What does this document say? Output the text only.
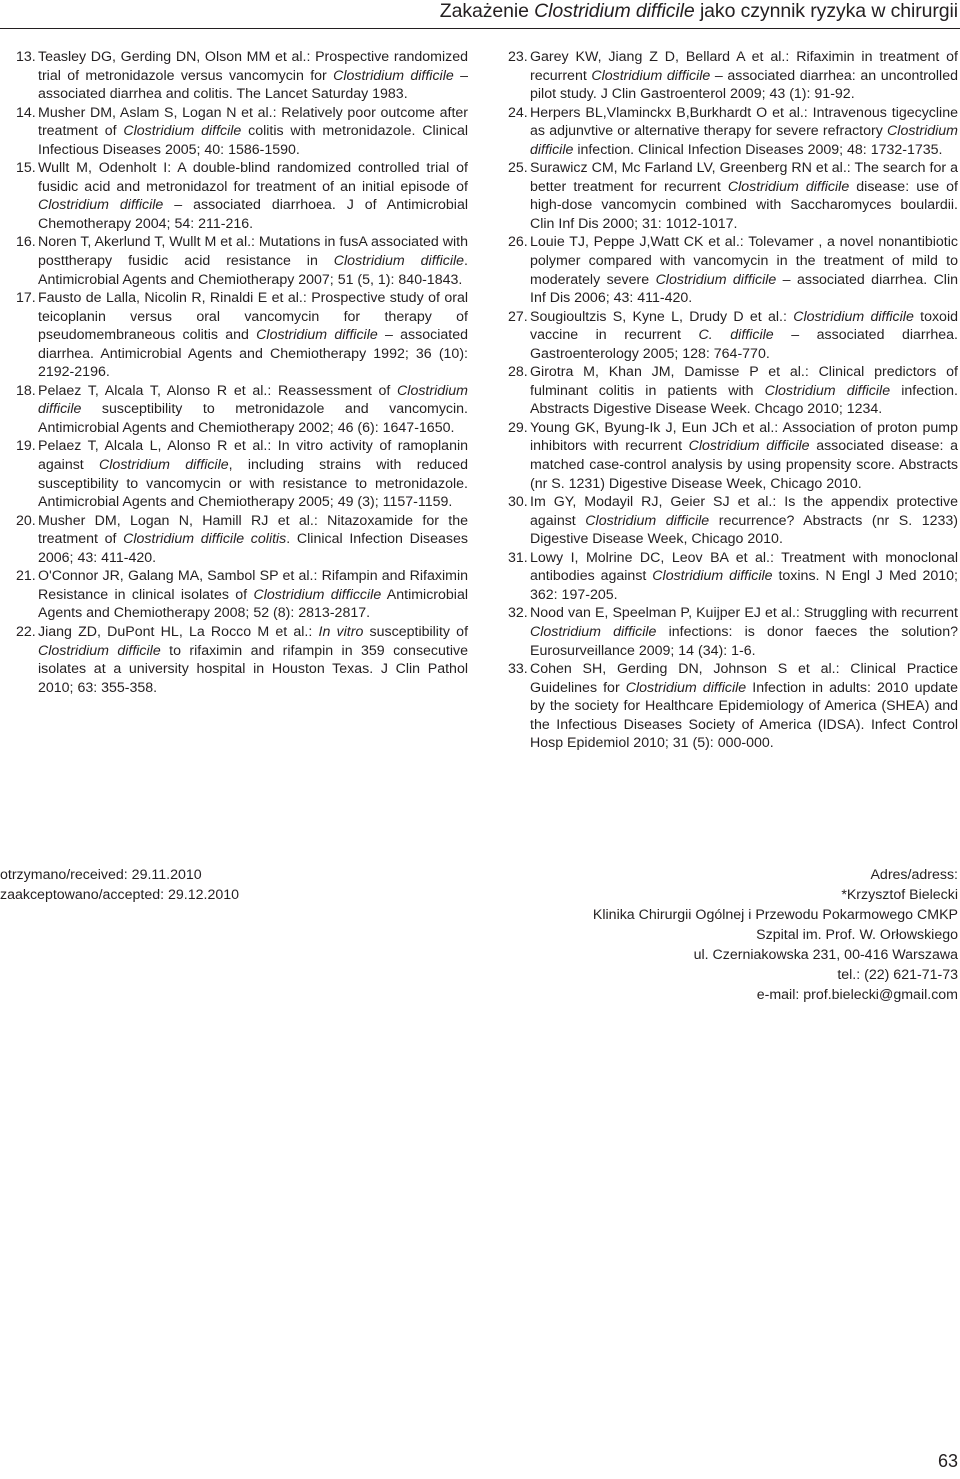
Zakażenie Clostridium difficile jako czynnik ryzyka w chirurgii

13. Teasley DG, Gerding DN, Olson MM et al.: Prospective randomized trial of metronidazole versus vancomycin for Clostridium difficile – associated diarrhea and colitis. The Lancet Saturday 1983.

14. Musher DM, Aslam S, Logan N et al.: Relatively poor outcome after treatment of Clostridium diffcile colitis with metronidazole. Clinical Infectious Diseases 2005; 40: 1586-1590.

15. Wullt M, Odenholt I: A double-blind randomized controlled trial of fusidic acid and metronidazol for treatment of an initial episode of Clostridium difficile – associated diarrhoea. J of Antimicrobial Chemotherapy 2004; 54: 211-216.

16. Noren T, Akerlund T, Wullt M et al.: Mutations in fusA associated with posttherapy fusidic acid resistance in Clostridium difficile. Antimicrobial Agents and Chemiotherapy 2007; 51 (5, 1): 840-1843.

17. Fausto de Lalla, Nicolin R, Rinaldi E et al.: Prospective study of oral teicoplanin versus oral vancomycin for therapy of pseudomembraneous colitis and Clostridium difficile – associated diarrhea. Antimicrobial Agents and Chemiotherapy 1992; 36 (10): 2192-2196.

18. Pelaez T, Alcala T, Alonso R et al.: Reassessment of Clostridium difficile susceptibility to metronidazole and vancomycin. Antimicrobial Agents and Chemiotherapy 2002; 46 (6): 1647-1650.

19. Pelaez T, Alcala L, Alonso R et al.: In vitro activity of ramoplanin against Clostridium difficile, including strains with reduced susceptibility to vancomycin or with resistance to metronidazole. Antimicrobial Agents and Chemiotherapy 2005; 49 (3); 1157-1159.

20. Musher DM, Logan N, Hamill RJ et al.: Nitazoxamide for the treatment of Clostridium difficile colitis. Clinical Infection Diseases 2006; 43: 411-420.

21. O'Connor JR, Galang MA, Sambol SP et al.: Rifampin and Rifaximin Resistance in clinical isolates of Clostridium difficcile Antimicrobial Agents and Chemiotherapy 2008; 52 (8): 2813-2817.

22. Jiang ZD, DuPont HL, La Rocco M et al.: In vitro susceptibility of Clostridium difficile to rifaximin and rifampin in 359 consecutive isolates at a university hospital in Houston Texas. J Clin Pathol 2010; 63: 355-358.

23. Garey KW, Jiang Z D, Bellard A et al.: Rifaximin in treatment of recurrent Clostridium difficile – associated diarrhea: an uncontrolled pilot study. J Clin Gastroenterol 2009; 43 (1): 91-92.

24. Herpers BL,Vlaminckx B,Burkhardt O et al.: Intravenous tigecycline as adjunvtive or alternative therapy for severe refractory Clostridium difficile infection. Clinical Infection Diseases 2009; 48: 1732-1735.

25. Surawicz CM, Mc Farland LV, Greenberg RN et al.: The search for a better treatment for recurrent Clostridium difficile disease: use of high-dose vancomycin combined with Saccharomyces boulardii. Clin Inf Dis 2000; 31: 1012-1017.

26. Louie TJ, Peppe J,Watt CK et al.: Tolevamer , a novel nonantibiotic polymer compared with vancomycin in the treatment of mild to moderately severe Clostridium difficile – associated diarrhea. Clin Inf Dis 2006; 43: 411-420.

27. Sougioultzis S, Kyne L, Drudy D et al.: Clostridium difficile toxoid vaccine in recurrent C. difficile – associated diarrhea. Gastroenterology 2005; 128: 764-770.

28. Girotra M, Khan JM, Damisse P et al.: Clinical predictors of fulminant colitis in patients with Clostridium difficile infection. Abstracts Digestive Disease Week. Chcago 2010; 1234.

29. Young GK, Byung-Ik J, Eun JCh et al.: Association of proton pump inhibitors with recurrent Clostridium difficile associated disease: a matched case-control analysis by using propensity score. Abstracts (nr S. 1231) Digestive Disease Week, Chicago 2010.

30. Im GY, Modayil RJ, Geier SJ et al.: Is the appendix protective against Clostridium difficile recurrence? Abstracts (nr S. 1233) Digestive Disease Week, Chicago 2010.

31. Lowy I, Molrine DC, Leov BA et al.: Treatment with monoclonal antibodies against Clostridium difficile toxins. N Engl J Med 2010; 362: 197-205.

32. Nood van E, Speelman P, Kuijper EJ et al.: Struggling with recurrent Clostridium difficile infections: is donor faeces the solution? Eurosurveillance 2009; 14 (34): 1-6.

33. Cohen SH, Gerding DN, Johnson S et al.: Clinical Practice Guidelines for Clostridium difficile Infection in adults: 2010 update by the society for Healthcare Epidemiology of America (SHEA) and the Infectious Diseases Society of America (IDSA). Infect Control Hosp Epidemiol 2010; 31 (5): 000-000.

otrzymano/received: 29.11.2010
zaakceptowano/accepted: 29.12.2010
Adres/adress:
*Krzysztof Bielecki
Klinika Chirurgii Ogólnej i Przewodu Pokarmowego CMKP
Szpital im. Prof. W. Orłowskiego
ul. Czerniakowska 231, 00-416 Warszawa
tel.: (22) 621-71-73
e-mail: prof.bielecki@gmail.com
63
